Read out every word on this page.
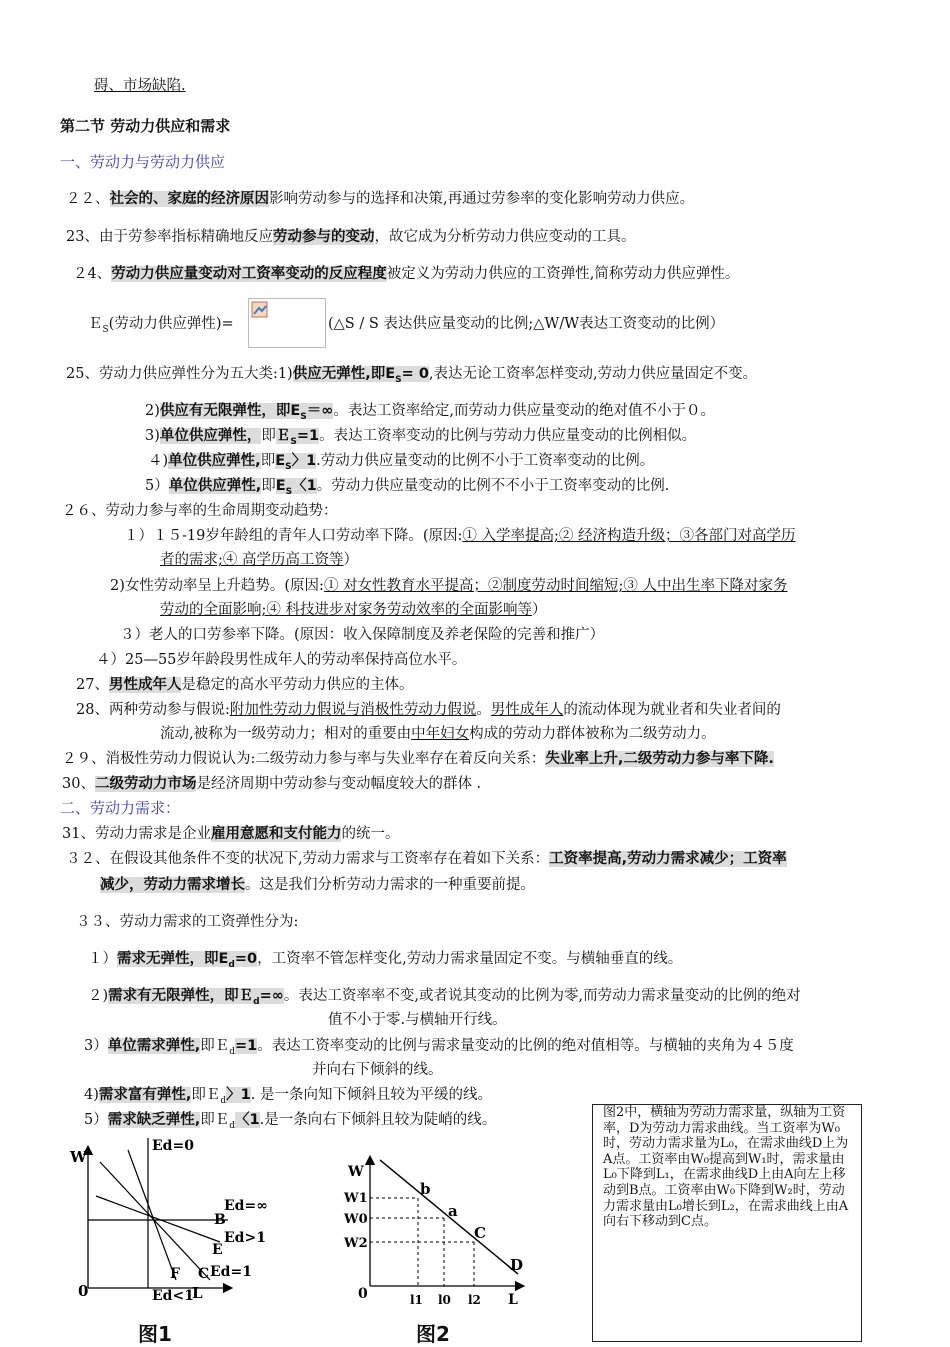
碍、市场缺陷.
第二节 劳动力供应和需求
一、劳动力与劳动力供应
２２、社会的、家庭的经济原因影响劳动参与的选择和决策,再通过劳参率的变化影响劳动力供应。
23、由于劳参率指标精确地反应劳动参与的变动，故它成为分析劳动力供应变动的工具。
２4、劳动力供应量变动对工资率变动的反应程度被定义为劳动力供应的工资弹性,简称劳动力供应弹性。
Ｅ$_S$(劳动力供应弹性)=	(△S / S 表达供应量变动的比例;△W/W表达工资变动的比例）
25、劳动力供应弹性分为五大类:1)供应无弹性,即$E_S= 0$,表达无论工资率怎样变动,劳动力供应量固定不变。
2)供应有无限弹性，即$E_S=\infty$。表达工资率给定,而劳动力供应量变动的绝对值不小于０。
3)单位供应弹性，即Ｅ$_S$=1。表达工资率变动的比例与劳动力供应量变动的比例相似。
４)单位供应弹性,即$E_S$〉1.劳动力供应量变动的比例不小于工资率变动的比例。
5）单位供应弹性,即$E_S$〈1。劳动力供应量变动的比例不不小于工资率变动的比例.
２６、劳动力参与率的生命周期变动趋势：
１）１５-19岁年龄组的青年人口劳动率下降。(原因:① 入学率提高;② 经济构造升级；③各部门对高学历
者的需求;④ 高学历高工资等）
2)女性劳动率呈上升趋势。(原因:① 对女性教育水平提高；②制度劳动时间缩短;③ 人中出生率下降对家务
劳动的全面影响;④ 科技进步对家务劳动效率的全面影响等）
３）老人的口劳参率下降。(原因：收入保障制度及养老保险的完善和推广）
４）25—55岁年龄段男性成年人的劳动率保持高位水平。
27、男性成年人是稳定的高水平劳动力供应的主体。
28、两种劳动参与假说:附加性劳动力假说与消极性劳动力假说。男性成年人的流动体现为就业者和失业者间的
流动,被称为一级劳动力；相对的重要由中年妇女构成的劳动力群体被称为二级劳动力。
２９、消极性劳动力假说认为:二级劳动力参与率与失业率存在着反向关系：失业率上升,二级劳动力参与率下降.
30、二级劳动力市场是经济周期中劳动参与变动幅度较大的群体 .
二、劳动力需求：
31、劳动力需求是企业雇用意愿和支付能力的统一。
３２、在假设其他条件不变的状况下,劳动力需求与工资率存在着如下关系：工资率提高,劳动力需求减少；工资率
减少，劳动力需求增长。这是我们分析劳动力需求的一种重要前提。
３３、劳动力需求的工资弹性分为:
１）需求无弹性，即$E_d=0$，工资率不管怎样变化,劳动力需求量固定不变。与横轴垂直的线。
２)需求有无限弹性，即Ｅ$_d$=∞。表达工资率率不变,或者说其变动的比例为零,而劳动力需求量变动的比例的绝对
值不小于零.与横轴开行线。
3）单位需求弹性,即Ｅ$_d$=1。表达工资率变动的比例与需求量变动的比例的绝对值相等。与横轴的夹角为４５度
并向右下倾斜的线。
4)需求富有弹性,即Ｅ$_d$〉1. 是一条向知下倾斜且较为平缓的线。
5）需求缺乏弹性,即Ｅ$_d$〈1.是一条向右下倾斜且较为陡峭的线。	图2中，横轴为劳动力需求量，纵轴为工资率，D为劳动力需求曲线。当工资率为W₀时，劳动力需求量为L₀，在需求曲线D上为A点。工资率由W₀提高到W₁时，需求量由L₀下降到L₁，在需求曲线D上由A向左上移动到B点。工资率由W₀下降到W₂时，劳动力需求量由L₀增长到L₂，在需求曲线上由A向右下移动到C点。

W
0	L
Ed=0
Ed=∞
B
Ed>1
E
F C Ed=1
Ed<1
图1
W
W1
W0
W2
0
b
a
C
D
l1 l0 l2 L
图2
